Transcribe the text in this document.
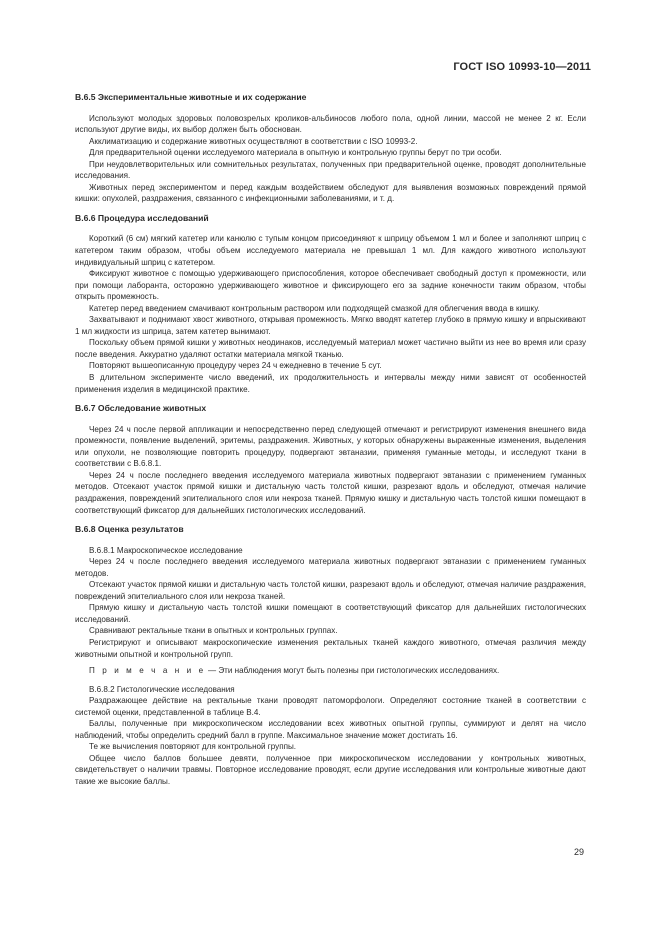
ГОСТ ISO 10993-10—2011
В.6.5 Экспериментальные животные и их содержание

Используют молодых здоровых половозрелых кроликов-альбиносов любого пола, одной линии, массой не менее 2 кг. Если используют другие виды, их выбор должен быть обоснован.

Акклиматизацию и содержание животных осуществляют в соответствии с ISO 10993-2.

Для предварительной оценки исследуемого материала в опытную и контрольную группы берут по три особи.

При неудовлетворительных или сомнительных результатах, полученных при предварительной оценке, проводят дополнительные исследования.

Животных перед экспериментом и перед каждым воздействием обследуют для выявления возможных повреждений прямой кишки: опухолей, раздражения, связанного с инфекционными заболеваниями, и т. д.

В.6.6 Процедура исследований

Короткий (6 см) мягкий катетер или канюлю с тупым концом присоединяют к шприцу объемом 1 мл и более и заполняют шприц с катетером таким образом, чтобы объем исследуемого материала не превышал 1 мл. Для каждого животного используют индивидуальный шприц с катетером.

Фиксируют животное с помощью удерживающего приспособления, которое обеспечивает свободный доступ к промежности, или при помощи лаборанта, осторожно удерживающего животное и фиксирующего его за задние конечности таким образом, чтобы открыть промежность.

Катетер перед введением смачивают контрольным раствором или подходящей смазкой для облегчения ввода в кишку.

Захватывают и поднимают хвост животного, открывая промежность. Мягко вводят катетер глубоко в прямую кишку и впрыскивают 1 мл жидкости из шприца, затем катетер вынимают.

Поскольку объем прямой кишки у животных неодинаков, исследуемый материал может частично выйти из нее во время или сразу после введения. Аккуратно удаляют остатки материала мягкой тканью.

Повторяют вышеописанную процедуру через 24 ч ежедневно в течение 5 сут.

В длительном эксперименте число введений, их продолжительность и интервалы между ними зависят от особенностей применения изделия в медицинской практике.

В.6.7 Обследование животных

Через 24 ч после первой аппликации и непосредственно перед следующей отмечают и регистрируют изменения внешнего вида промежности, появление выделений, эритемы, раздражения. Животных, у которых обнаружены выраженные изменения, выделения или опухоли, не позволяющие повторить процедуру, подвергают эвтаназии, применяя гуманные методы, и исследуют ткани в соответствии с В.6.8.1.

Через 24 ч после последнего введения исследуемого материала животных подвергают эвтаназии с применением гуманных методов. Отсекают участок прямой кишки и дистальную часть толстой кишки, разрезают вдоль и обследуют, отмечая наличие раздражения, повреждений эпителиального слоя или некроза тканей. Прямую кишку и дистальную часть толстой кишки помещают в соответствующий фиксатор для дальнейших гистологических исследований.

В.6.8 Оценка результатов

В.6.8.1 Макроскопическое исследование

Через 24 ч после последнего введения исследуемого материала животных подвергают эвтаназии с применением гуманных методов.

Отсекают участок прямой кишки и дистальную часть толстой кишки, разрезают вдоль и обследуют, отмечая наличие раздражения, повреждений эпителиального слоя или некроза тканей.

Прямую кишку и дистальную часть толстой кишки помещают в соответствующий фиксатор для дальнейших гистологических исследований.

Сравнивают ректальные ткани в опытных и контрольных группах.

Регистрируют и описывают макроскопические изменения ректальных тканей каждого животного, отмечая различия между животными опытной и контрольной групп.

П р и м е ч а н и е — Эти наблюдения могут быть полезны при гистологических исследованиях.

В.6.8.2 Гистологические исследования

Раздражающее действие на ректальные ткани проводят патоморфологи. Определяют состояние тканей в соответствии с системой оценки, представленной в таблице В.4.

Баллы, полученные при микроскопическом исследовании всех животных опытной группы, суммируют и делят на число наблюдений, чтобы определить средний балл в группе. Максимальное значение может достигать 16.

Те же вычисления повторяют для контрольной группы.

Общее число баллов большее девяти, полученное при микроскопическом исследовании у контрольных животных, свидетельствует о наличии травмы. Повторное исследование проводят, если другие исследования или контрольные животные дают такие же высокие баллы.

29
